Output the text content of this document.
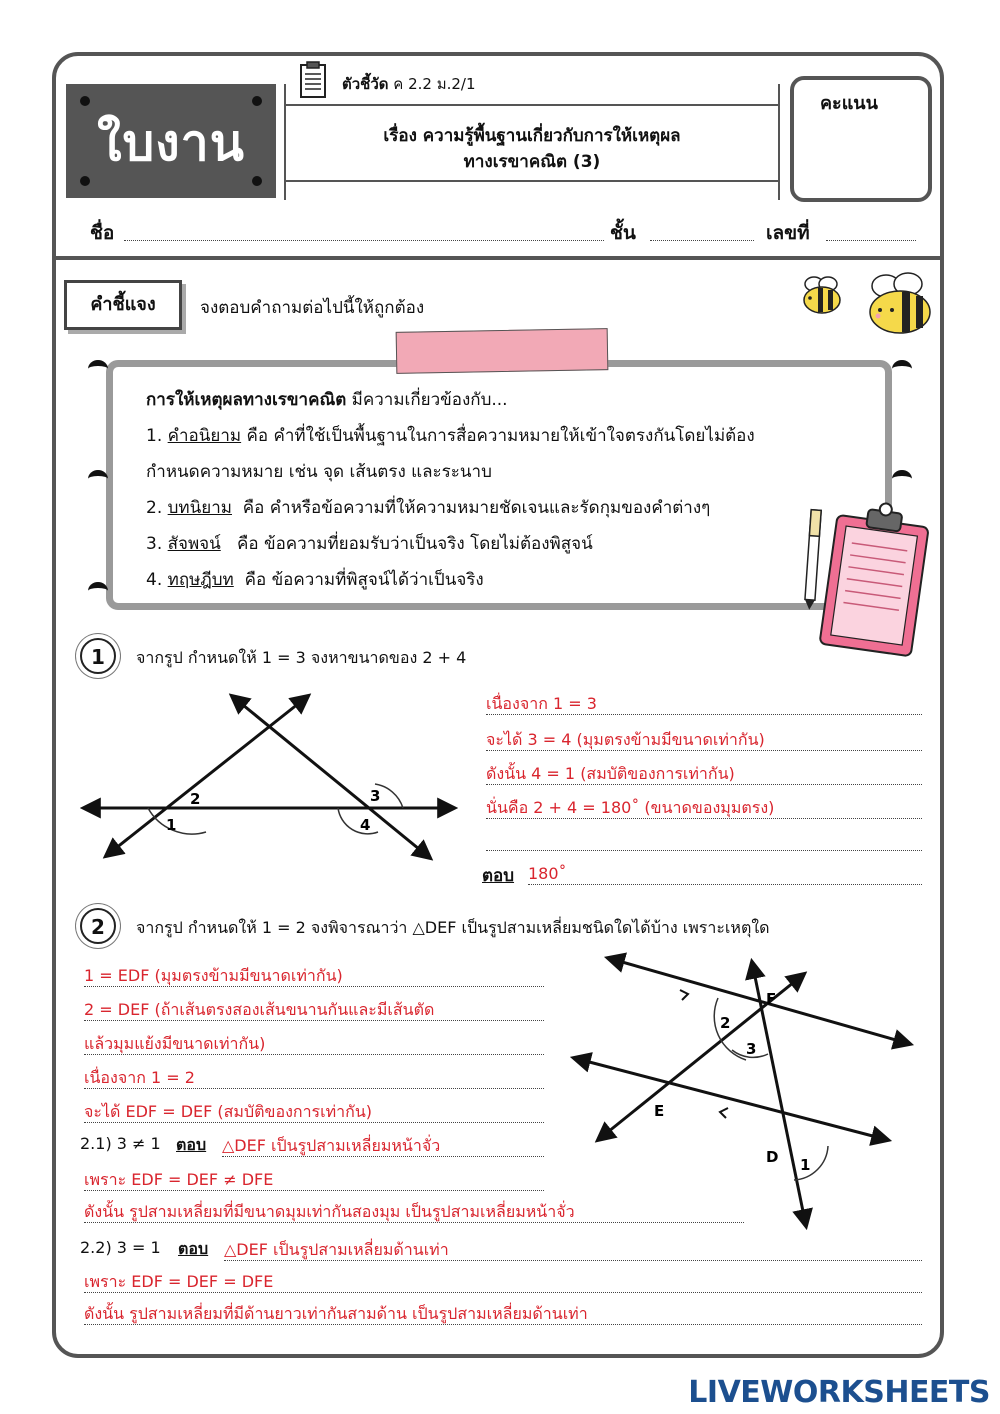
ใบงาน
ตัวชี้วัด ค 2.2 ม.2/1
เรื่อง ความรู้พื้นฐานเกี่ยวกับการให้เหตุผล
ทางเรขาคณิต (3)
คะแนน
ชื่อ	ชั้น	เลขที่
คำชี้แจง	จงตอบคำถามต่อไปนี้ให้ถูกต้อง
การให้เหตุผลทางเรขาคณิต มีความเกี่ยวข้องกับ...
1. คำอนิยาม คือ คำที่ใช้เป็นพื้นฐานในการสื่อความหมายให้เข้าใจตรงกันโดยไม่ต้อง
กำหนดความหมาย เช่น จุด เส้นตรง และระนาบ
2. บทนิยาม คือ คำหรือข้อความที่ให้ความหมายชัดเจนและรัดกุมของคำต่างๆ
3. สัจพจน์ คือ ข้อความที่ยอมรับว่าเป็นจริง โดยไม่ต้องพิสูจน์
4. ทฤษฎีบท คือ ข้อความที่พิสูจน์ได้ว่าเป็นจริง
1	จากรูป กำหนดให้ 1 = 3 จงหาขนาดของ 2 + 4
2
1
3
4
เนื่องจาก 1 = 3
จะได้ 3 = 4 (มุมตรงข้ามมีขนาดเท่ากัน)
ดังนั้น 4 = 1 (สมบัติของการเท่ากัน)
นั่นคือ 2 + 4 = 180˚ (ขนาดของมุมตรง)
ตอบ 180˚
2	จากรูป กำหนดให้ 1 = 2 จงพิจารณาว่า △DEF เป็นรูปสามเหลี่ยมชนิดใดได้บ้าง เพราะเหตุใด
1 = EDF (มุมตรงข้ามมีขนาดเท่ากัน)
2 = DEF (ถ้าเส้นตรงสองเส้นขนานกันและมีเส้นตัด
แล้วมุมแย้งมีขนาดเท่ากัน)
เนื่องจาก 1 = 2
จะได้ EDF = DEF (สมบัติของการเท่ากัน)
2.1) 3 ≠ 1 ตอบ △DEF เป็นรูปสามเหลี่ยมหน้าจั่ว
เพราะ EDF = DEF ≠ DFE
ดังนั้น รูปสามเหลี่ยมที่มีขนาดมุมเท่ากันสองมุม เป็นรูปสามเหลี่ยมหน้าจั่ว
2.2) 3 = 1 ตอบ △DEF เป็นรูปสามเหลี่ยมด้านเท่า
เพราะ EDF = DEF = DFE
ดังนั้น รูปสามเหลี่ยมที่มีด้านยาวเท่ากันสามด้าน เป็นรูปสามเหลี่ยมด้านเท่า
F
2
3
E
D 1
LIVEWORKSHEETS
